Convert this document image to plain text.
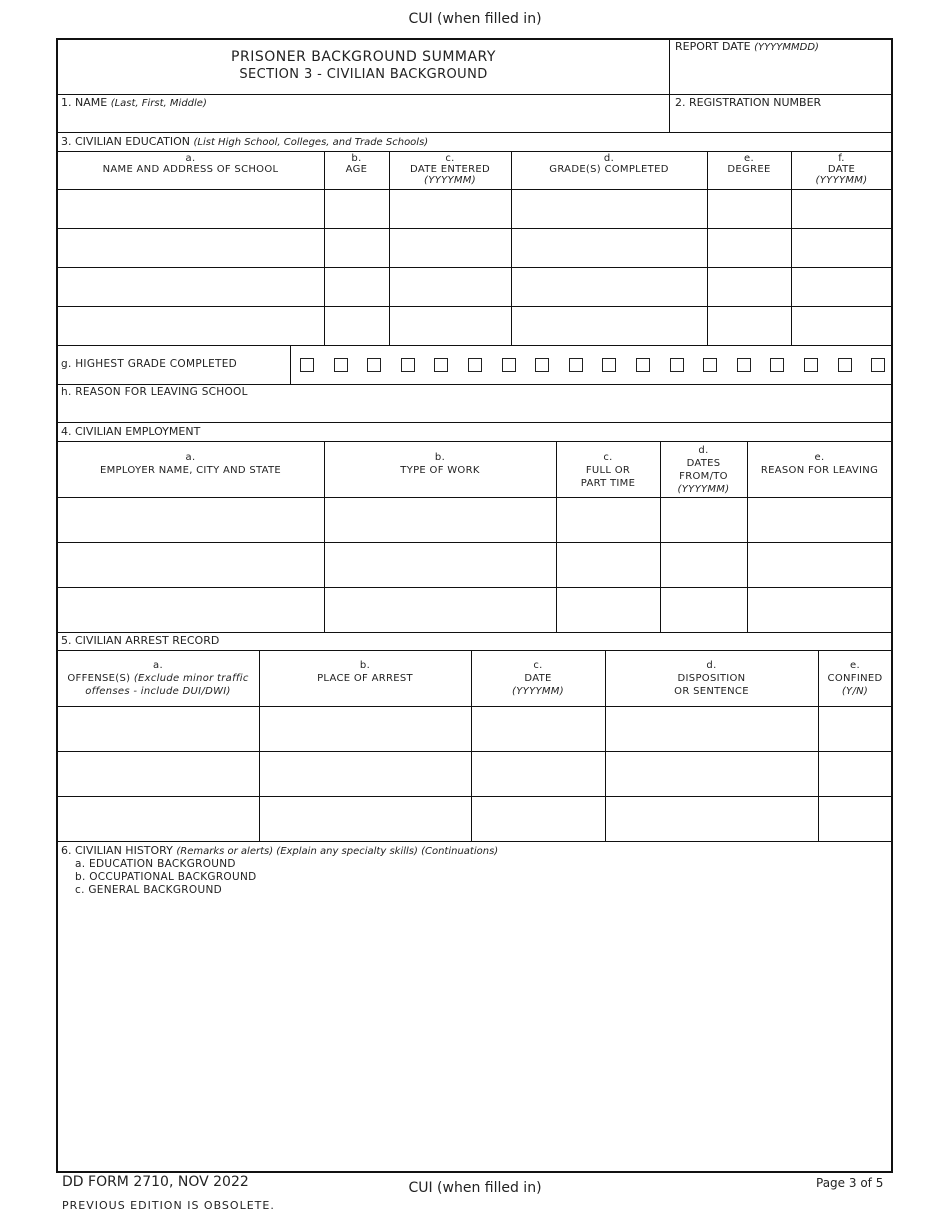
CUI (when filled in)
PRISONER BACKGROUND SUMMARY
SECTION 3 - CIVILIAN BACKGROUND
REPORT DATE (YYYYMMDD)
1. NAME (Last, First, Middle)	2. REGISTRATION NUMBER
3. CIVILIAN EDUCATION (List High School, Colleges, and Trade Schools)
a.
NAME AND ADDRESS OF SCHOOL
b.
AGE
c.
DATE ENTERED
(YYYYMM)
d.
GRADE(S) COMPLETED
e.
DEGREE
f.
DATE
(YYYYMM)
g. HIGHEST GRADE COMPLETED
h. REASON FOR LEAVING SCHOOL
4. CIVILIAN EMPLOYMENT
a.
EMPLOYER NAME, CITY AND STATE
b.
TYPE OF WORK
c.
FULL OR
PART TIME
d.
DATES
FROM/TO
(YYYYMM)
e.
REASON FOR LEAVING
5. CIVILIAN ARREST RECORD
a.
OFFENSE(S) (Exclude minor traffic
offenses - include DUI/DWI)
b.
PLACE OF ARREST
c.
DATE
(YYYYMM)
d.
DISPOSITION
OR SENTENCE
e.
CONFINED
(Y/N)
6. CIVILIAN HISTORY (Remarks or alerts) (Explain any specialty skills) (Continuations)
a. EDUCATION BACKGROUND
b. OCCUPATIONAL BACKGROUND
c. GENERAL BACKGROUND
DD FORM 2710, NOV 2022
PREVIOUS EDITION IS OBSOLETE.
Page 3 of 5
CUI (when filled in)
